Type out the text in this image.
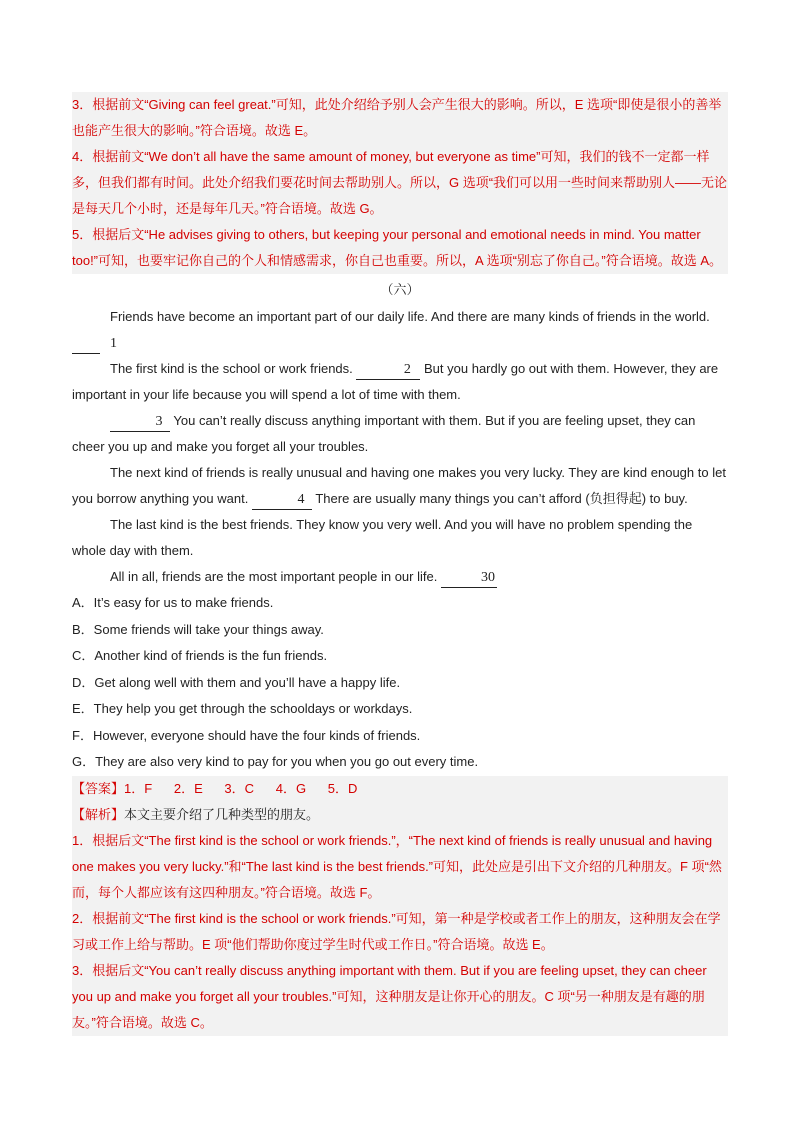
3．根据前文“Giving can feel great.”可知，此处介绍给予别人会产生很大的影响。所以，E 选项“即使是很小的善举也能产生很大的影响。”符合语境。故选 E。

4．根据前文“We don’t all have the same amount of money, but everyone as time”可知，我们的钱不一定都一样多，但我们都有时间。此处介绍我们要花时间去帮助别人。所以，G 选项“我们可以用一些时间来帮助别人——无论是每天几个小时，还是每年几天。”符合语境。故选 G。

5．根据后文“He advises giving to others, but keeping your personal and emotional needs in mind. You matter too!”可知，也要牢记你自己的个人和情感需求，你自己也重要。所以，A 选项“别忘了你自己。”符合语境。故选 A。

（六）

Friends have become an important part of our daily life. And there are many kinds of friends in the world. 1

The first kind is the school or work friends.	2 But you hardly go out with them. However, they are important in your life because you will spend a lot of time with them.

3 You can’t really discuss anything important with them. But if you are feeling upset, they can cheer you up and make you forget all your troubles.

The next kind of friends is really unusual and having one makes you very lucky. They are kind enough to let you borrow anything you want.	4 There are usually many things you can’t afford (负担得起) to buy.

The last kind is the best friends. They know you very well. And you will have no problem spending the whole day with them.

All in all, friends are the most important people in our life.	30

A．It’s easy for us to make friends.

B．Some friends will take your things away.

C．Another kind of friends is the fun friends.

D．Get along well with them and you’ll have a happy life.

E．They help you get through the schooldays or workdays.

F．However, everyone should have the four kinds of friends.

G．They are also very kind to pay for you when you go out every time.

【答案】1．F      2．E      3．C      4．G      5．D

【解析】本文主要介绍了几种类型的朋友。

1．根据后文“The first kind is the school or work friends.”，“The next kind of friends is really unusual and having one makes you very lucky.”和“The last kind is the best friends.”可知，此处应是引出下文介绍的几种朋友。F 项“然而，每个人都应该有这四种朋友。”符合语境。故选 F。

2．根据前文“The first kind is the school or work friends.”可知，第一种是学校或者工作上的朋友，这种朋友会在学习或工作上给与帮助。E 项“他们帮助你度过学生时代或工作日。”符合语境。故选 E。

3．根据后文“You can’t really discuss anything important with them. But if you are feeling upset, they can cheer you up and make you forget all your troubles.”可知，这种朋友是让你开心的朋友。C 项“另一种朋友是有趣的朋友。”符合语境。故选 C。
